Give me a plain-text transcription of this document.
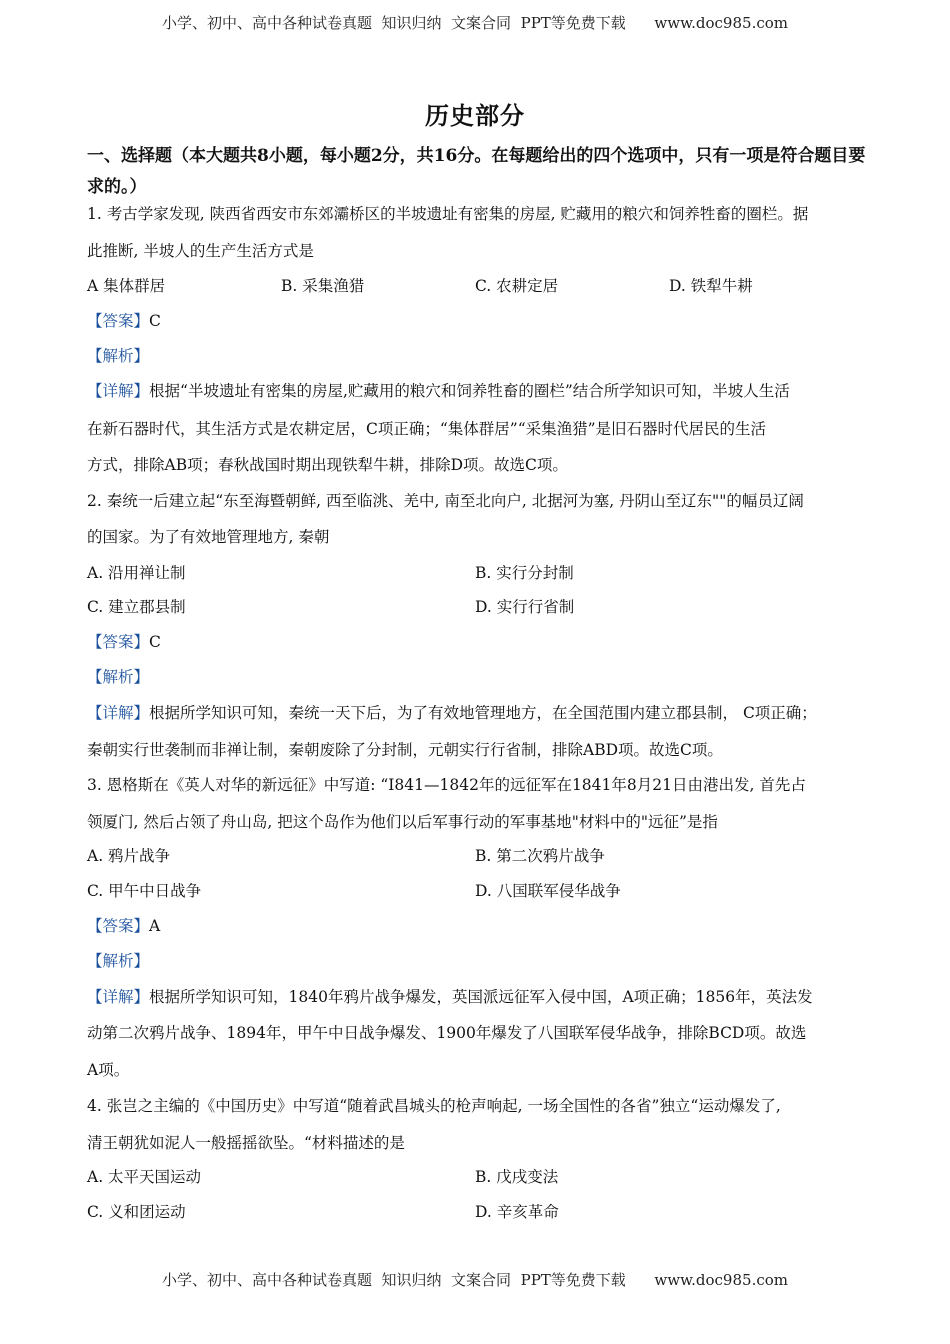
小学、初中、高中各种试卷真题  知识归纳  文案合同  PPT等免费下载      www.doc985.com
历史部分
一、选择题（本大题共8小题，每小题2分，共16分。在每题给出的四个选项中，只有一项是符合题目要求的。）
1. 考古学家发现, 陕西省西安市东郊灞桥区的半坡遗址有密集的房屋, 贮藏用的粮穴和饲养牲畜的圈栏。据
此推断, 半坡人的生产生活方式是
A 集体群居	B. 采集渔猎	C. 农耕定居	D. 铁犁牛耕
【答案】C
【解析】
【详解】根据“半坡遗址有密集的房屋,贮藏用的粮穴和饲养牲畜的圈栏”结合所学知识可知，半坡人生活
在新石器时代，其生活方式是农耕定居，C项正确；“集体群居”“采集渔猎”是旧石器时代居民的生活
方式，排除AB项；春秋战国时期出现铁犁牛耕，排除D项。故选C项。
2. 秦统一后建立起“东至海暨朝鲜, 西至临洮、羌中, 南至北向户, 北据河为塞, 丹阴山至辽东""的幅员辽阔
的国家。为了有效地管理地方, 秦朝
A. 沿用禅让制	B. 实行分封制
C. 建立郡县制	D. 实行行省制
【答案】C
【解析】
【详解】根据所学知识可知，秦统一天下后，为了有效地管理地方，在全国范围内建立郡县制， C项正确；
秦朝实行世袭制而非禅让制，秦朝废除了分封制，元朝实行行省制，排除ABD项。故选C项。
3. 恩格斯在《英人对华的新远征》中写道: “I841—1842年的远征军在1841年8月21日由港出发, 首先占
领厦门, 然后占领了舟山岛, 把这个岛作为他们以后军事行动的军事基地"材料中的"远征”是指
A. 鸦片战争	B. 第二次鸦片战争
C. 甲午中日战争	D. 八国联军侵华战争
【答案】A
【解析】
【详解】根据所学知识可知，1840年鸦片战争爆发，英国派远征军入侵中国，A项正确；1856年，英法发
动第二次鸦片战争、1894年，甲午中日战争爆发、1900年爆发了八国联军侵华战争，排除BCD项。故选
A项。
4. 张岂之主编的《中国历史》中写道“随着武昌城头的枪声响起, 一场全国性的各省”独立“运动爆发了,
清王朝犹如泥人一般摇摇欲坠。“材料描述的是
A. 太平天国运动	B. 戊戌变法
C. 义和团运动	D. 辛亥革命
小学、初中、高中各种试卷真题  知识归纳  文案合同  PPT等免费下载      www.doc985.com
